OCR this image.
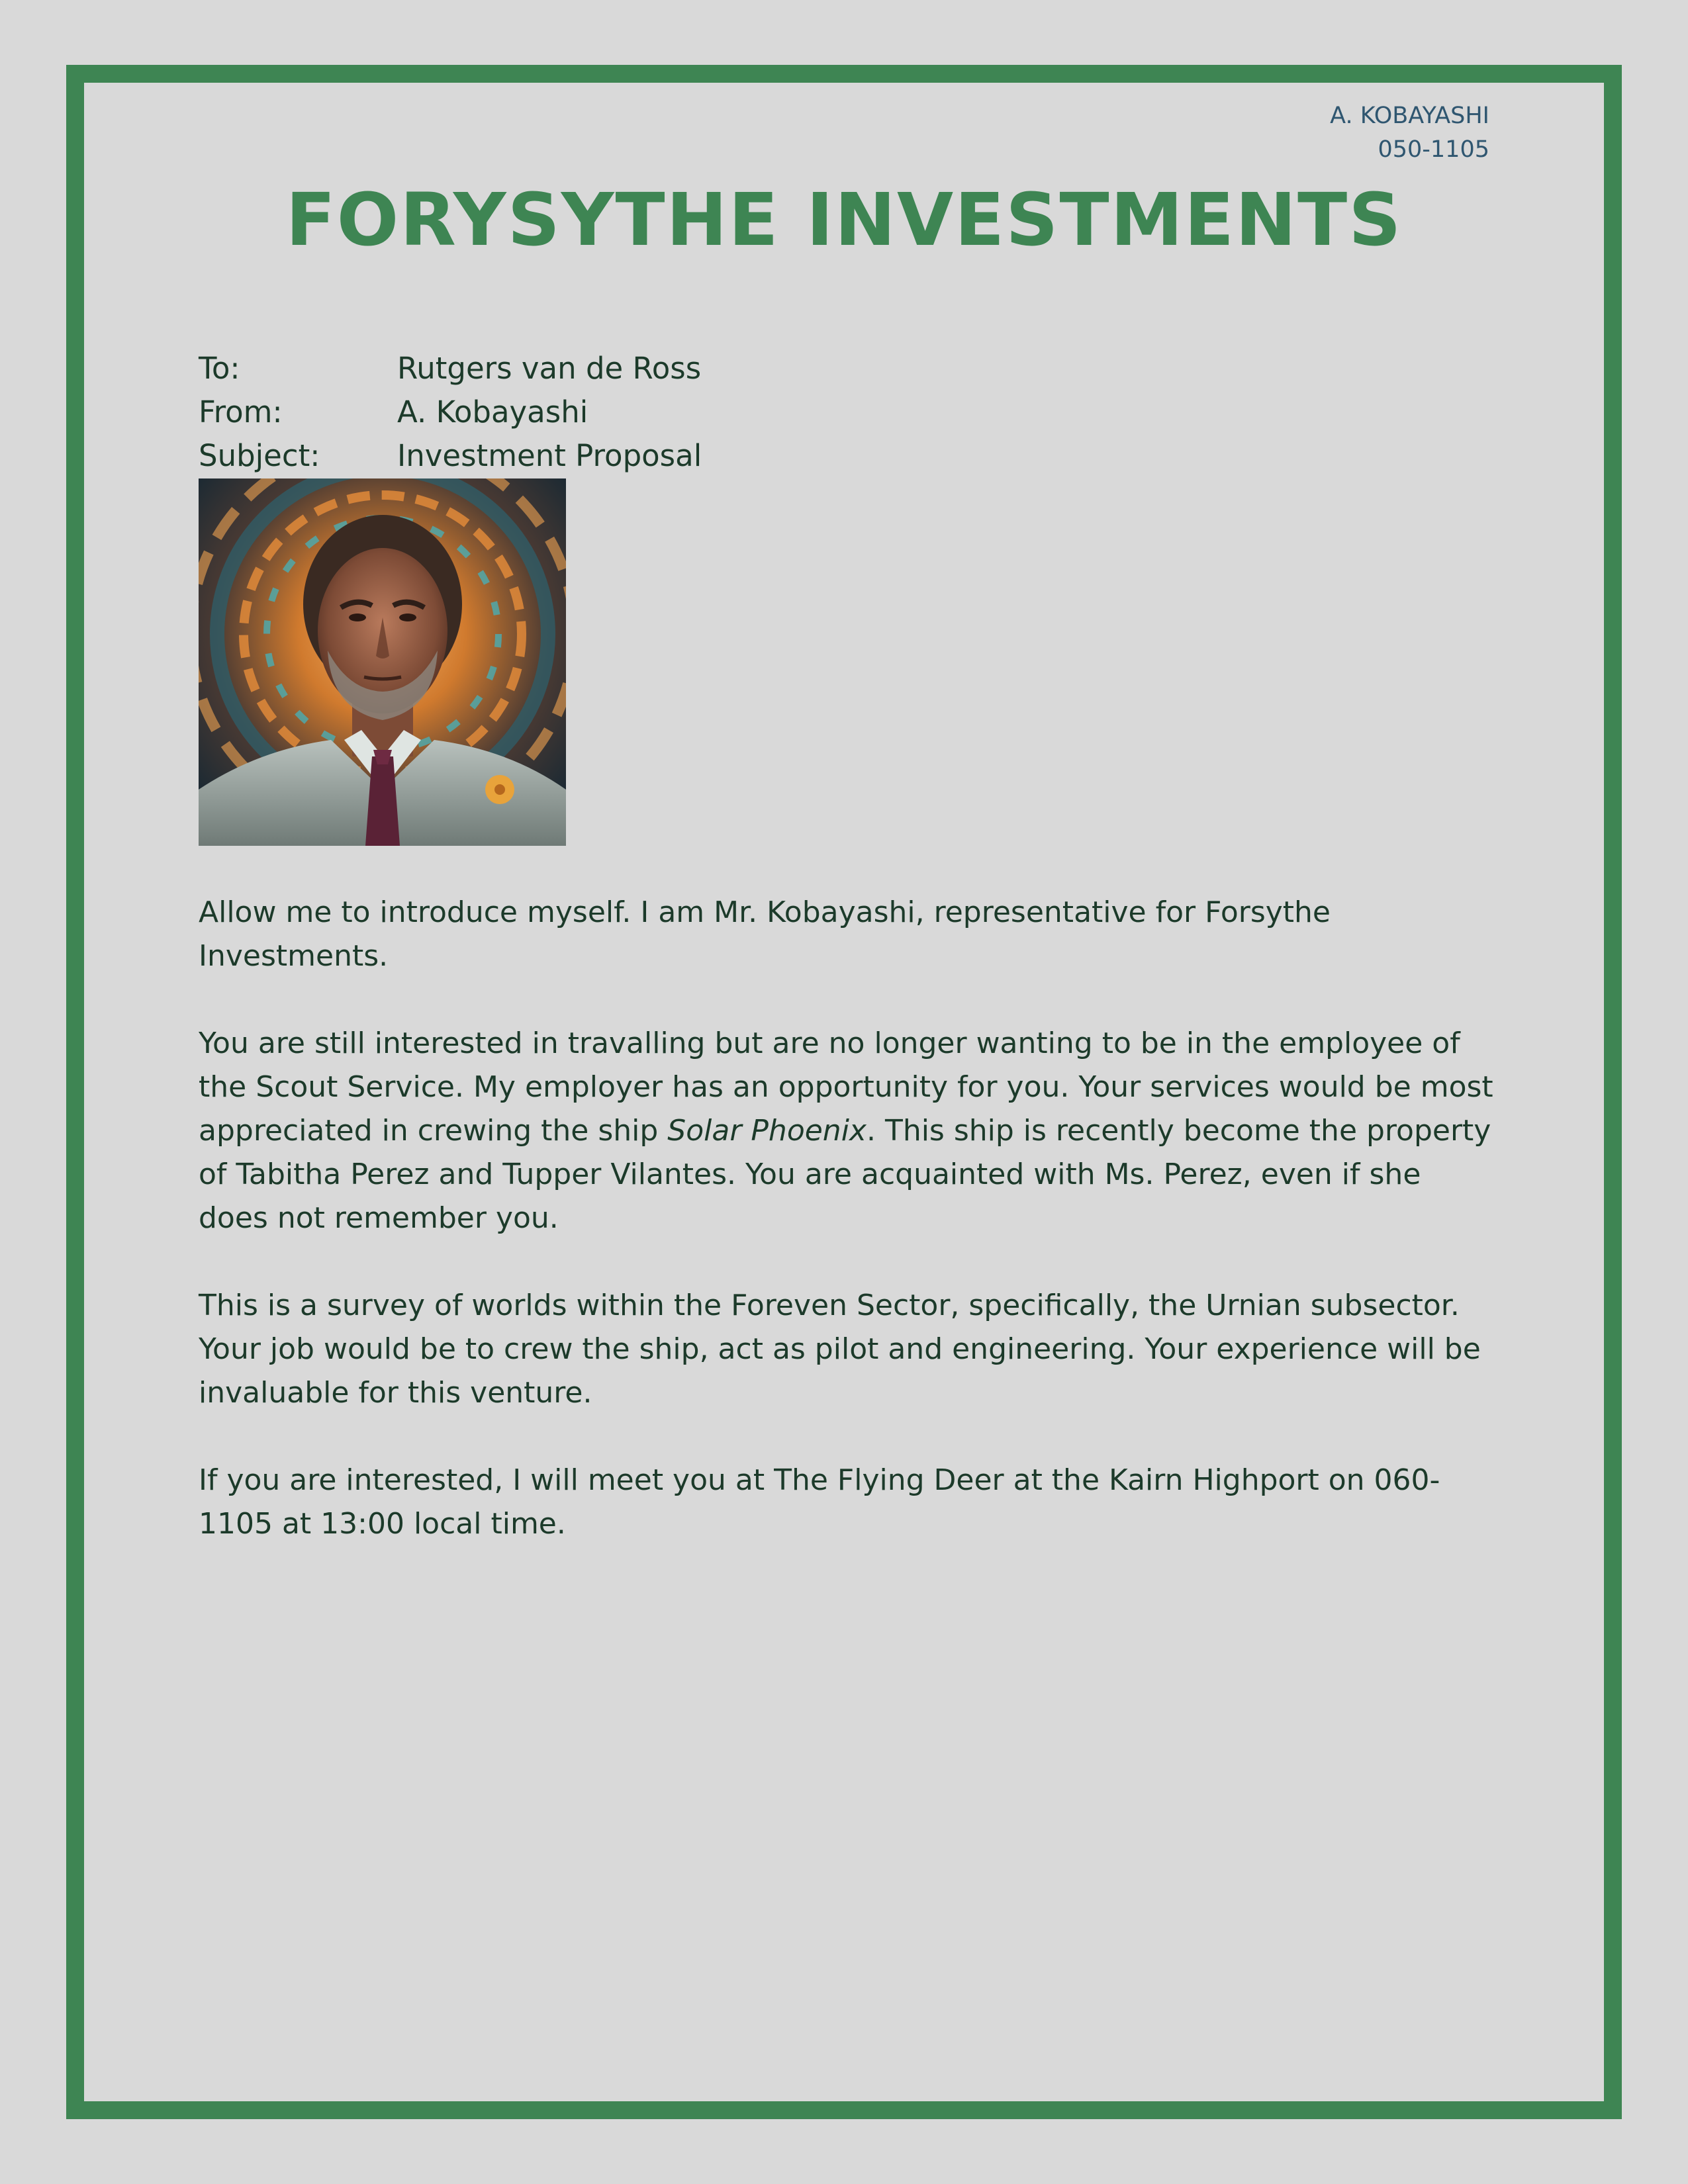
A. KOBAYASHI
050-1105
FORYSYTHE INVESTMENTS
To:	Rutgers van de Ross
From:	A. Kobayashi
Subject:	Investment Proposal

Allow me to introduce myself. I am Mr. Kobayashi, representative for Forsythe Investments.

You are still interested in travalling but are no longer wanting to be in the employee of the Scout Service. My employer has an opportunity for you. Your services would be most appreciated in crewing the ship Solar Phoenix. This ship is recently become the property of Tabitha Perez and Tupper Vilantes. You are acquainted with Ms. Perez, even if she does not remember you.

This is a survey of worlds within the Foreven Sector, specifically, the Urnian subsector. Your job would be to crew the ship, act as pilot and engineering. Your experience will be invaluable for this venture.

If you are interested, I will meet you at The Flying Deer at the Kairn Highport on 060-1105 at 13:00 local time.
